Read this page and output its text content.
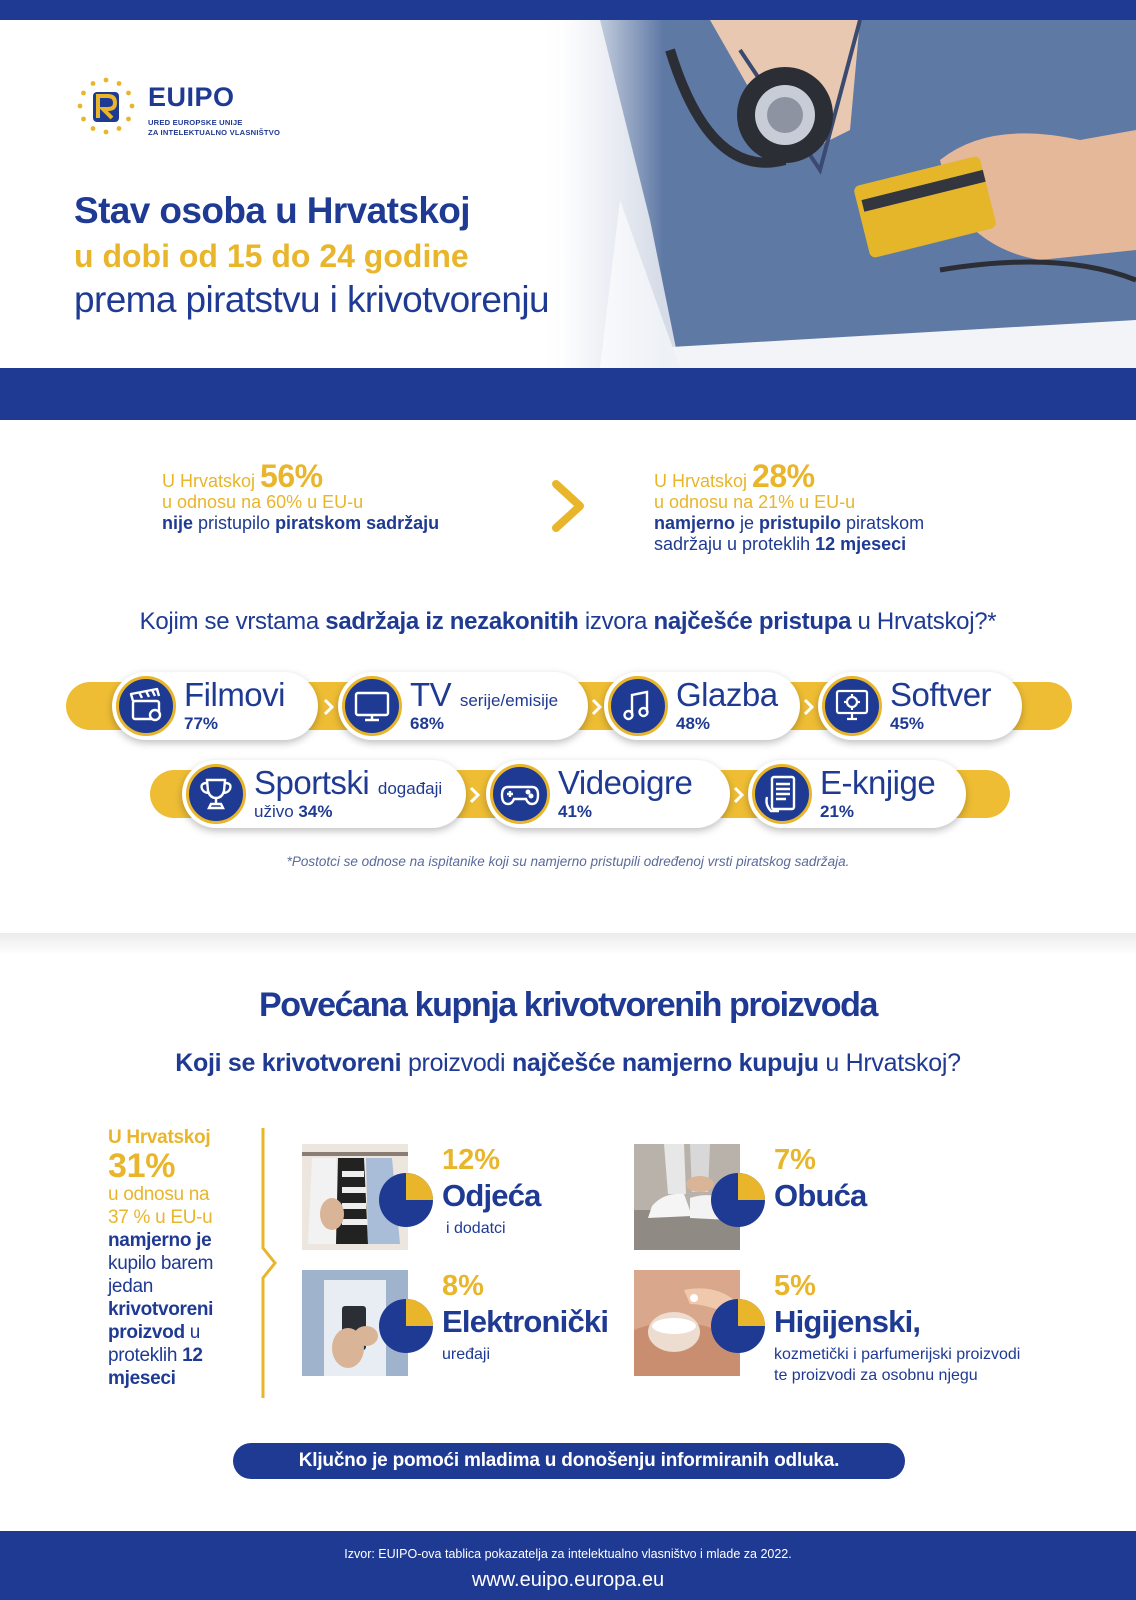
EUIPO
URED EUROPSKE UNIJE
ZA INTELEKTUALNO VLASNIŠTVO
Stav osoba u Hrvatskoj
u dobi od 15 do 24 godine
prema piratstvu i krivotvorenju
U Hrvatskoj 56%
u odnosu na 60% u EU-u
nije pristupilo piratskom sadržaju
U Hrvatskoj 28%
u odnosu na 21% u EU-u
namjerno je pristupilo piratskom
sadržaju u proteklih 12 mjeseci
Kojim se vrstama sadržaja iz nezakonitih izvora najčešće pristupa u Hrvatskoj?*
Filmovi
77%
TV serije/emisije
68%
Glazba
48%
Softver
45%
Sportski događaji
uživo 34%
Videoigre
41%
E-knjige
21%
*Postotci se odnose na ispitanike koji su namjerno pristupili određenoj vrsti piratskog sadržaja.
Povećana kupnja krivotvorenih proizvoda
Koji se krivotvoreni proizvodi najčešće namjerno kupuju u Hrvatskoj?
U Hrvatskoj
31%
u odnosu na
37 % u EU-u
namjerno je
kupilo barem jedan
krivotvoreni proizvod u proteklih 12 mjeseci
12%
Odjeća
i dodatci
7%
Obuća
8%
Elektronički
uređaji
5%
Higijenski,
kozmetički i parfumerijski proizvodi
te proizvodi za osobnu njegu
Ključno je pomoći mladima u donošenju informiranih odluka.
Izvor: EUIPO-ova tablica pokazatelja za intelektualno vlasništvo i mlade za 2022.
www.euipo.europa.eu
